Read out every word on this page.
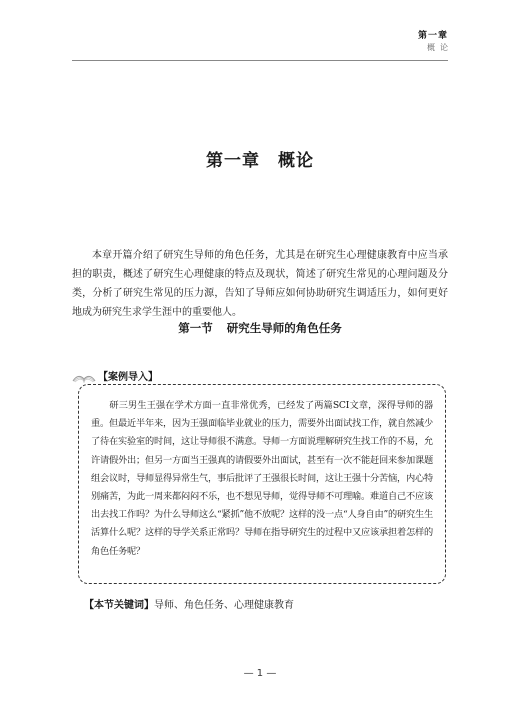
第一章
概论
第一章 概论

本章开篇介绍了研究生导师的角色任务，尤其是在研究生心理健康教育中应当承担的职责，概述了研究生心理健康的特点及现状，简述了研究生常见的心理问题及分类，分析了研究生常见的压力源，告知了导师应如何协助研究生调适压力，如何更好地成为研究生求学生涯中的重要他人。

第一节 研究生导师的角色任务
【案例导入】

研三男生王强在学术方面一直非常优秀，已经发了两篇SCI文章，深得导师的器重。但最近半年来，因为王强面临毕业就业的压力，需要外出面试找工作，就自然减少了待在实验室的时间，这让导师很不满意。导师一方面说理解研究生找工作的不易，允许请假外出；但另一方面当王强真的请假要外出面试，甚至有一次不能赶回来参加课题组会议时，导师显得异常生气，事后批评了王强很长时间，这让王强十分苦恼，内心特别痛苦，为此一周来都闷闷不乐，也不想见导师，觉得导师不可理喻。难道自己不应该出去找工作吗？为什么导师这么“紧抓”他不放呢？这样的没一点“人身自由”的研究生生活算什么呢？这样的导学关系正常吗？导师在指导研究生的过程中又应该承担着怎样的角色任务呢？

【本节关键词】导师、角色任务、心理健康教育
— 1 —
